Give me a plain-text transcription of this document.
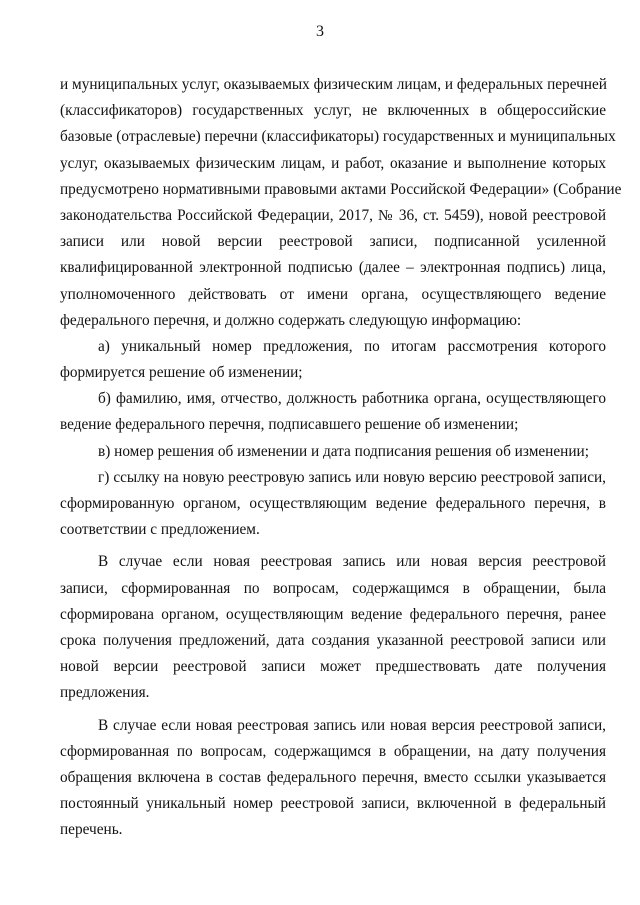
3
и муниципальных услуг, оказываемых физическим лицам, и федеральных перечней
(классификаторов) государственных услуг, не включенных в общероссийские
базовые (отраслевые) перечни (классификаторы) государственных и муниципальных
услуг, оказываемых физическим лицам, и работ, оказание и выполнение которых
предусмотрено нормативными правовыми актами Российской Федерации» (Собрание
законодательства Российской Федерации, 2017, № 36, ст. 5459), новой реестровой
записи или новой версии реестровой записи, подписанной усиленной
квалифицированной электронной подписью (далее – электронная подпись) лица,
уполномоченного действовать от имени органа, осуществляющего ведение
федерального перечня, и должно содержать следующую информацию:
а) уникальный номер предложения, по итогам рассмотрения которого
формируется решение об изменении;
б) фамилию, имя, отчество, должность работника органа, осуществляющего
ведение федерального перечня, подписавшего решение об изменении;
в) номер решения об изменении и дата подписания решения об изменении;
г) ссылку на новую реестровую запись или новую версию реестровой записи,
сформированную органом, осуществляющим ведение федерального перечня, в
соответствии с предложением.
В случае если новая реестровая запись или новая версия реестровой
записи, сформированная по вопросам, содержащимся в обращении, была
сформирована органом, осуществляющим ведение федерального перечня, ранее
срока получения предложений, дата создания указанной реестровой записи или
новой версии реестровой записи может предшествовать дате получения
предложения.
В случае если новая реестровая запись или новая версия реестровой записи,
сформированная по вопросам, содержащимся в обращении, на дату получения
обращения включена в состав федерального перечня, вместо ссылки указывается
постоянный уникальный номер реестровой записи, включенной в федеральный
перечень.
